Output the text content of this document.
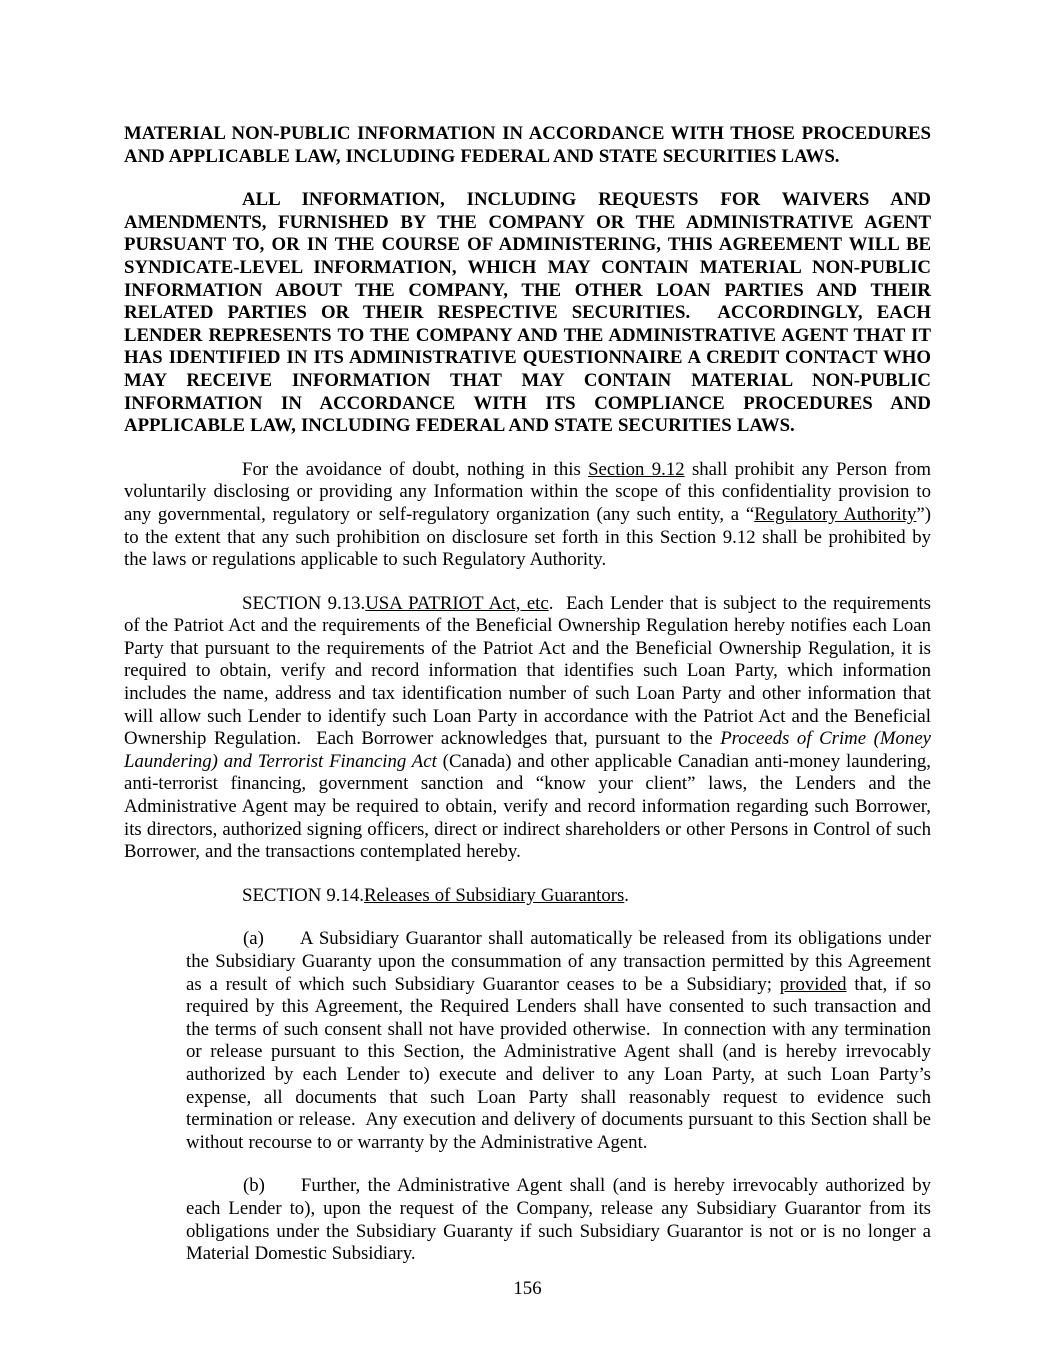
MATERIAL NON-PUBLIC INFORMATION IN ACCORDANCE WITH THOSE PROCEDURES AND APPLICABLE LAW, INCLUDING FEDERAL AND STATE SECURITIES LAWS.

ALL INFORMATION, INCLUDING REQUESTS FOR WAIVERS AND AMENDMENTS, FURNISHED BY THE COMPANY OR THE ADMINISTRATIVE AGENT PURSUANT TO, OR IN THE COURSE OF ADMINISTERING, THIS AGREEMENT WILL BE SYNDICATE-LEVEL INFORMATION, WHICH MAY CONTAIN MATERIAL NON-PUBLIC INFORMATION ABOUT THE COMPANY, THE OTHER LOAN PARTIES AND THEIR RELATED PARTIES OR THEIR RESPECTIVE SECURITIES.  ACCORDINGLY, EACH LENDER REPRESENTS TO THE COMPANY AND THE ADMINISTRATIVE AGENT THAT IT HAS IDENTIFIED IN ITS ADMINISTRATIVE QUESTIONNAIRE A CREDIT CONTACT WHO MAY RECEIVE INFORMATION THAT MAY CONTAIN MATERIAL NON-PUBLIC INFORMATION IN ACCORDANCE WITH ITS COMPLIANCE PROCEDURES AND APPLICABLE LAW, INCLUDING FEDERAL AND STATE SECURITIES LAWS.

For the avoidance of doubt, nothing in this Section 9.12 shall prohibit any Person from voluntarily disclosing or providing any Information within the scope of this confidentiality provision to any governmental, regulatory or self-regulatory organization (any such entity, a “Regulatory Authority”) to the extent that any such prohibition on disclosure set forth in this Section 9.12 shall be prohibited by the laws or regulations applicable to such Regulatory Authority.

SECTION 9.13.USA PATRIOT Act, etc.  Each Lender that is subject to the requirements of the Patriot Act and the requirements of the Beneficial Ownership Regulation hereby notifies each Loan Party that pursuant to the requirements of the Patriot Act and the Beneficial Ownership Regulation, it is required to obtain, verify and record information that identifies such Loan Party, which information includes the name, address and tax identification number of such Loan Party and other information that will allow such Lender to identify such Loan Party in accordance with the Patriot Act and the Beneficial Ownership Regulation.  Each Borrower acknowledges that, pursuant to the Proceeds of Crime (Money Laundering) and Terrorist Financing Act (Canada) and other applicable Canadian anti-money laundering, anti-terrorist financing, government sanction and “know your client” laws, the Lenders and the Administrative Agent may be required to obtain, verify and record information regarding such Borrower, its directors, authorized signing officers, direct or indirect shareholders or other Persons in Control of such Borrower, and the transactions contemplated hereby.

SECTION 9.14.Releases of Subsidiary Guarantors.

(a) A Subsidiary Guarantor shall automatically be released from its obligations under the Subsidiary Guaranty upon the consummation of any transaction permitted by this Agreement as a result of which such Subsidiary Guarantor ceases to be a Subsidiary; provided that, if so required by this Agreement, the Required Lenders shall have consented to such transaction and the terms of such consent shall not have provided otherwise.  In connection with any termination or release pursuant to this Section, the Administrative Agent shall (and is hereby irrevocably authorized by each Lender to) execute and deliver to any Loan Party, at such Loan Party’s expense, all documents that such Loan Party shall reasonably request to evidence such termination or release.  Any execution and delivery of documents pursuant to this Section shall be without recourse to or warranty by the Administrative Agent.

(b) Further, the Administrative Agent shall (and is hereby irrevocably authorized by each Lender to), upon the request of the Company, release any Subsidiary Guarantor from its obligations under the Subsidiary Guaranty if such Subsidiary Guarantor is not or is no longer a Material Domestic Subsidiary.

156
